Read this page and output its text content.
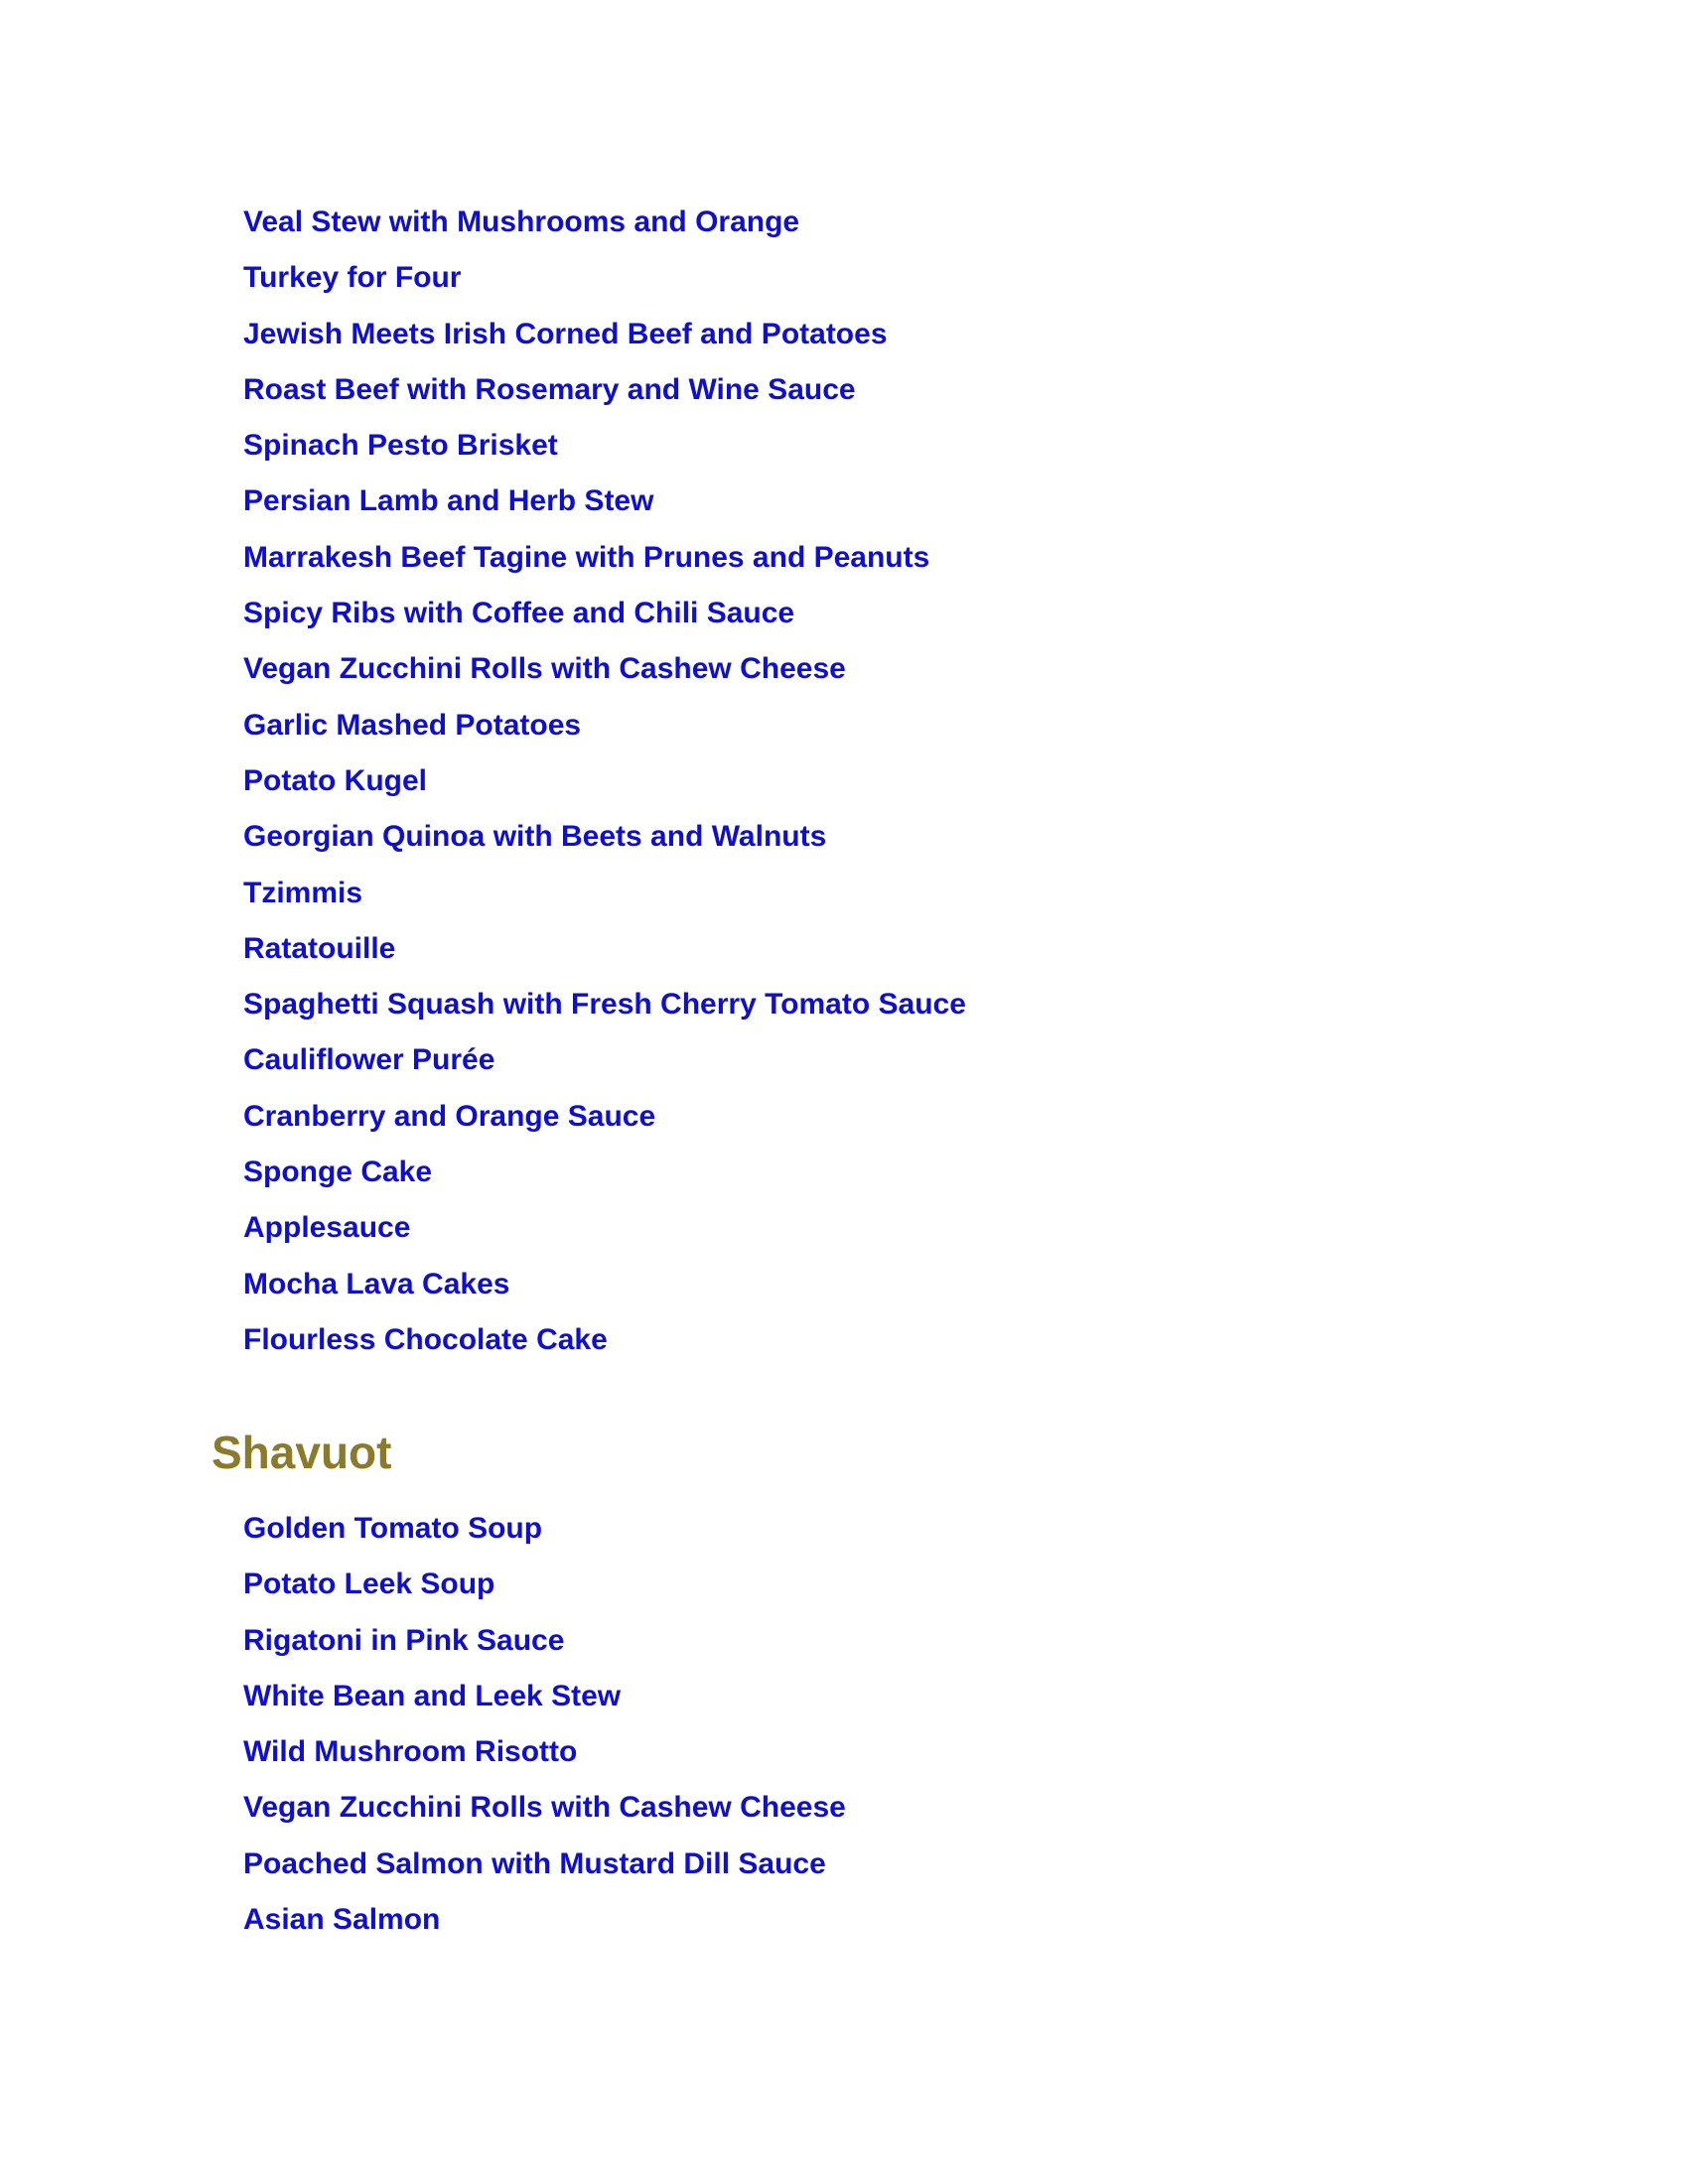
Veal Stew with Mushrooms and Orange
Turkey for Four
Jewish Meets Irish Corned Beef and Potatoes
Roast Beef with Rosemary and Wine Sauce
Spinach Pesto Brisket
Persian Lamb and Herb Stew
Marrakesh Beef Tagine with Prunes and Peanuts
Spicy Ribs with Coffee and Chili Sauce
Vegan Zucchini Rolls with Cashew Cheese
Garlic Mashed Potatoes
Potato Kugel
Georgian Quinoa with Beets and Walnuts
Tzimmis
Ratatouille
Spaghetti Squash with Fresh Cherry Tomato Sauce
Cauliflower Purée
Cranberry and Orange Sauce
Sponge Cake
Applesauce
Mocha Lava Cakes
Flourless Chocolate Cake
Shavuot
Golden Tomato Soup
Potato Leek Soup
Rigatoni in Pink Sauce
White Bean and Leek Stew
Wild Mushroom Risotto
Vegan Zucchini Rolls with Cashew Cheese
Poached Salmon with Mustard Dill Sauce
Asian Salmon
